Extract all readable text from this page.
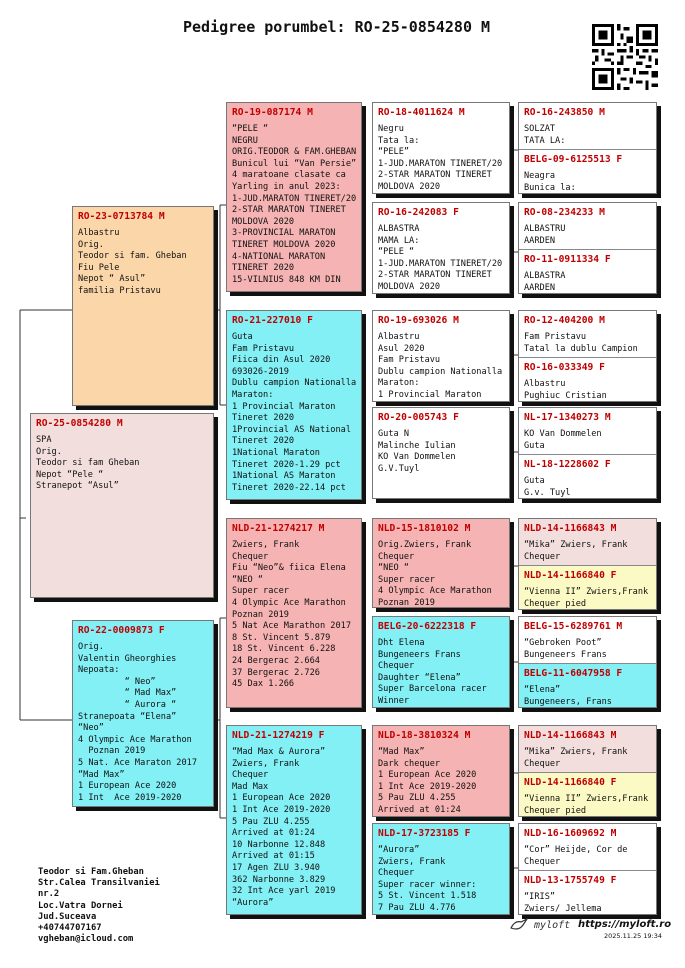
Pedigree porumbel: RO-25-0854280 M
RO-25-0854280 M
SPA
Orig.
Teodor si fam Gheban
Nepot “Pele “
Stranepot “Asul”
RO-23-0713784 M
Albastru
Orig.
Teodor si fam. Gheban
Fiu Pele
Nepot “ Asul”
familia Pristavu
RO-22-0009873 F
Orig.
Valentin Gheorghies
Nepoata:
“ Neo”
“ Mad Max”
“ Aurora “
Stranepoata “Elena”
“Neo”
4 Olympic Ace Marathon
Poznan 2019
5 Nat. Ace Maraton 2017
“Mad Max”
1 European Ace 2020
1 Int  Ace 2019-2020
RO-19-087174 M
“PELE “
NEGRU
ORIG.TEODOR & FAM.GHEBAN
Bunicul lui “Van Persie”
4 maratoane clasate ca
Yarling in anul 2023:
1-JUD.MARATON TINERET/20
2-STAR MARATON TINERET
MOLDOVA 2020
3-PROVINCIAL MARATON
TINERET MOLDOVA 2020
4-NATIONAL MARATON
TINERET 2020
15-VILNIUS 848 KM DIN
RO-21-227010 F
Guta
Fam Pristavu
Fiica din Asul 2020
693026-2019
Dublu campion Nationalla
Maraton:
1 Provincial Maraton
Tineret 2020
1Provincial AS National
Tineret 2020
1National Maraton
Tineret 2020-1.29 pct
1National AS Maraton
Tineret 2020-22.14 pct
NLD-21-1274217 M
Zwiers, Frank
Chequer
Fiu “Neo”& fiica Elena
“NEO “
Super racer
4 Olympic Ace Marathon
Poznan 2019
5 Nat Ace Marathon 2017
8 St. Vincent 5.879
18 St. Vincent 6.228
24 Bergerac 2.664
37 Bergerac 2.726
45 Dax 1.266
NLD-21-1274219 F
“Mad Max & Aurora”
Zwiers, Frank
Chequer
Mad Max
1 European Ace 2020
1 Int Ace 2019-2020
5 Pau ZLU 4.255
Arrived at 01:24
10 Narbonne 12.848
Arrived at 01:15
17 Agen ZLU 3.940
362 Narbonne 3.829
32 Int Ace yarl 2019
“Aurora”
RO-18-4011624 M
Negru
Tata la:
“PELE”
1-JUD.MARATON TINERET/20
2-STAR MARATON TINERET
MOLDOVA 2020
RO-16-242083 F
ALBASTRA
MAMA LA:
“PELE “
1-JUD.MARATON TINERET/20
2-STAR MARATON TINERET
MOLDOVA 2020
RO-19-693026 M
Albastru
Asul 2020
Fam Pristavu
Dublu campion Nationalla
Maraton:
1 Provincial Maraton
RO-20-005743 F
Guta N
Malinche Iulian
KO Van Dommelen
G.V.Tuyl
NLD-15-1810102 M
Orig.Zwiers, Frank
Chequer
“NEO “
Super racer
4 Olympic Ace Marathon
Poznan 2019
BELG-20-6222318 F
Dht Elena
Bungeneers Frans
Chequer
Daughter “Elena”
Super Barcelona racer
Winner
NLD-18-3810324 M
“Mad Max”
Dark chequer
1 European Ace 2020
1 Int Ace 2019-2020
5 Pau ZLU 4.255
Arrived at 01:24
NLD-17-3723185 F
“Aurora”
Zwiers, Frank
Chequer
Super racer winner:
5 St. Vincent 1.518
7 Pau ZLU 4.776
RO-16-243850 M
SOLZAT
TATA LA:
BELG-09-6125513 F
Neagra
Bunica la:
RO-08-234233 M
ALBASTRU
AARDEN
RO-11-0911334 F
ALBASTRA
AARDEN
RO-12-404200 M
Fam Pristavu
Tatal la dublu Campion
RO-16-033349 F
Albastru
Pughiuc Cristian
NL-17-1340273 M
KO Van Dommelen
Guta
NL-18-1228602 F
Guta
G.v. Tuyl
NLD-14-1166843 M
“Mika” Zwiers, Frank
Chequer
NLD-14-1166840 F
“Vienna II” Zwiers,Frank
Chequer pied
BELG-15-6289761 M
“Gebroken Poot”
Bungeneers Frans
BELG-11-6047958 F
“Elena”
Bungeneers, Frans
NLD-14-1166843 M
“Mika” Zwiers, Frank
Chequer
NLD-14-1166840 F
“Vienna II” Zwiers,Frank
Chequer pied
NLD-16-1609692 M
“Cor” Heijde, Cor de
Chequer
NLD-13-1755749 F
“IRIS”
Zwiers/ Jellema
Teodor si Fam.Gheban
Str.Calea Transilvaniei
nr.2
Loc.Vatra Dornei
Jud.Suceava
+40744707167
vgheban@icloud.com
myloft https://myloft.ro
2025.11.25 19:34
